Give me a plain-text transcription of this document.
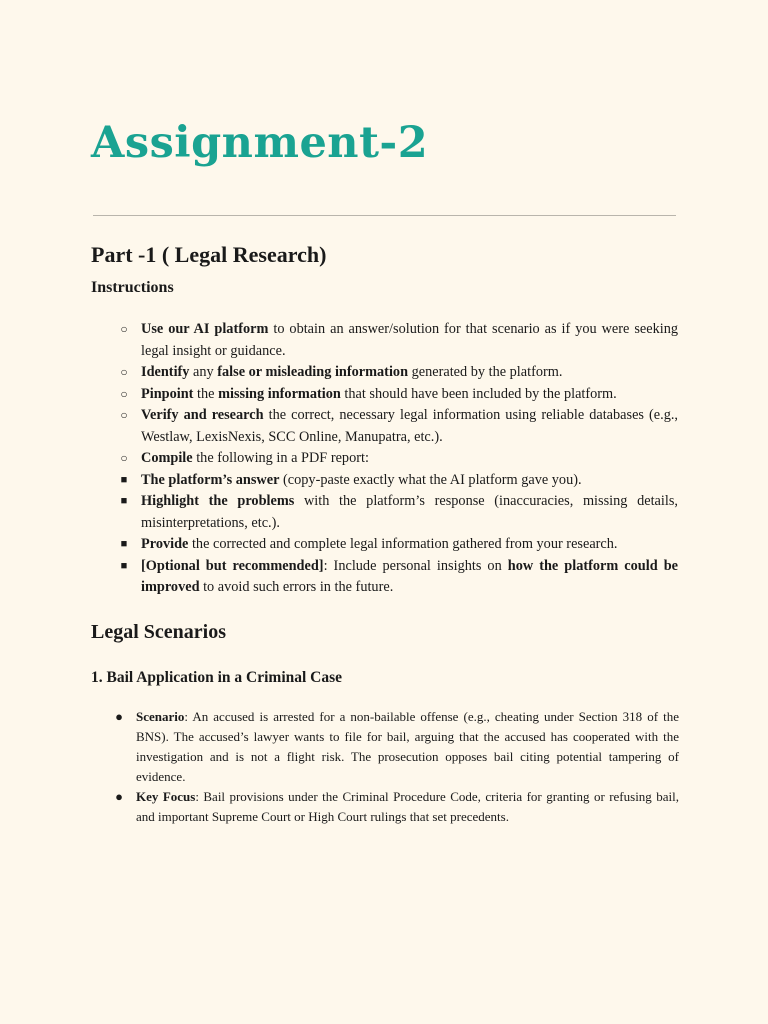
Assignment-2
Part -1 ( Legal Research)
Instructions
○ Use our AI platform to obtain an answer/solution for that scenario as if you were seeking legal insight or guidance.
○ Identify any false or misleading information generated by the platform.
○ Pinpoint the missing information that should have been included by the platform.
○ Verify and research the correct, necessary legal information using reliable databases (e.g., Westlaw, LexisNexis, SCC Online, Manupatra, etc.).
○ Compile the following in a PDF report:
■ The platform’s answer (copy-paste exactly what the AI platform gave you).
■ Highlight the problems with the platform’s response (inaccuracies, missing details, misinterpretations, etc.).
■ Provide the corrected and complete legal information gathered from your research.
■ [Optional but recommended]: Include personal insights on how the platform could be improved to avoid such errors in the future.
Legal Scenarios
1. Bail Application in a Criminal Case
● Scenario: An accused is arrested for a non-bailable offense (e.g., cheating under Section 318 of the BNS). The accused’s lawyer wants to file for bail, arguing that the accused has cooperated with the investigation and is not a flight risk. The prosecution opposes bail citing potential tampering of evidence.
● Key Focus: Bail provisions under the Criminal Procedure Code, criteria for granting or refusing bail, and important Supreme Court or High Court rulings that set precedents.
